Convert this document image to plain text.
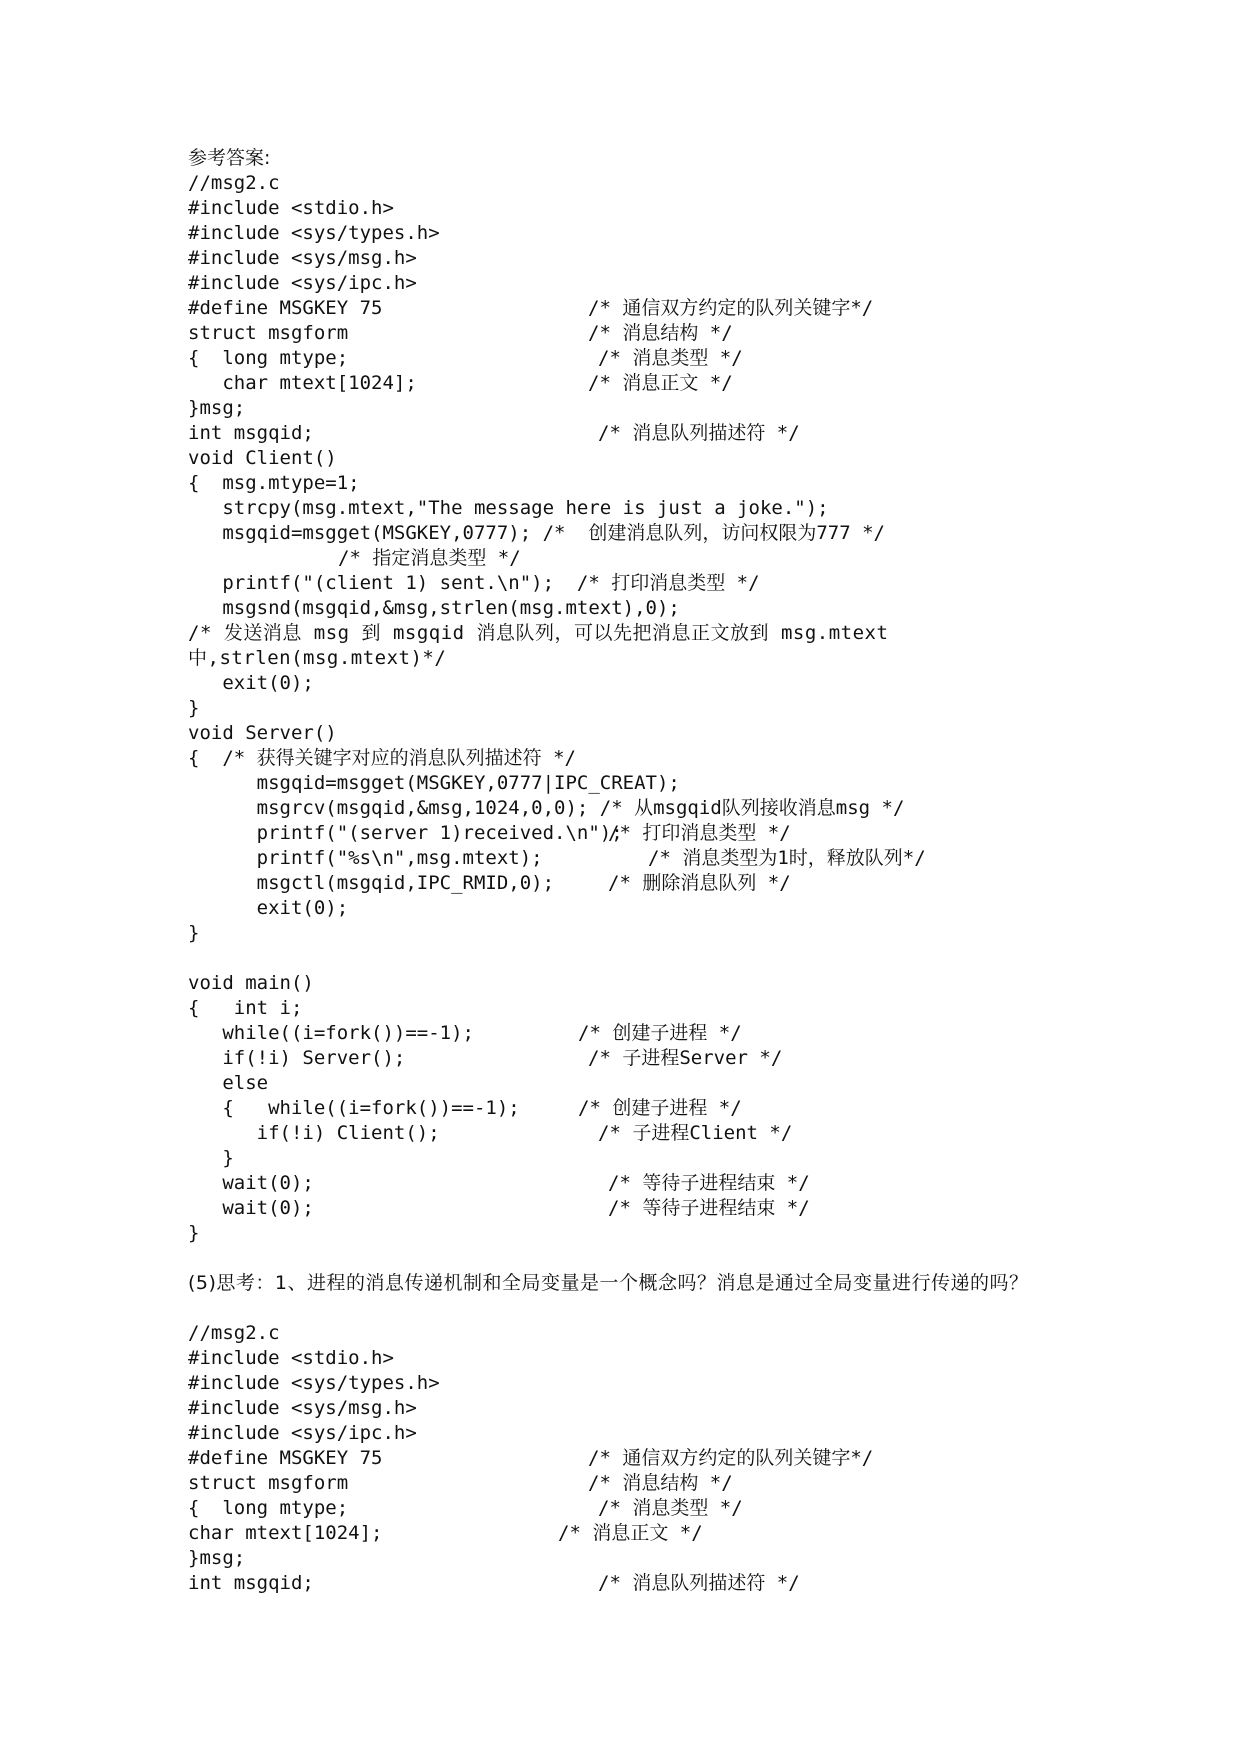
参考答案:
//msg2.c
#include <stdio.h>
#include <sys/types.h>
#include <sys/msg.h>
#include <sys/ipc.h>

#define MSGKEY 75

	/* 通信双方约定的队列关键字*/

struct msgform

	/* 消息结构 */

{  long mtype;

	/* 消息类型 */

char mtext[1024];

	/* 消息正文 */

}msg;

int msgqid;

	/* 消息队列描述符 */

void Client()
{  msg.mtype=1;
strcpy(msg.mtext,"The message here is just a joke.");
msgqid=msgget(MSGKEY,0777); /*  创建消息队列，访问权限为777 */

/* 指定消息类型 */

printf("(client 1) sent.\n");  /* 打印消息类型 */
msgsnd(msgqid,&msg,strlen(msg.mtext),0);
/* 发送消息 msg 到 msgqid 消息队列，可以先把消息正文放到 msg.mtext 中,strlen(msg.mtext)*/
exit(0);
}
void Server()
{  /* 获得关键字对应的消息队列描述符 */
msgqid=msgget(MSGKEY,0777|IPC_CREAT);
msgrcv(msgqid,&msg,1024,0,0); /* 从msgqid队列接收消息msg */

printf("(server 1)received.\n");

/* 打印消息类型 */

printf("%s\n",msg.mtext);

	/* 消息类型为1时，释放队列*/

msgctl(msgqid,IPC_RMID,0);

	/* 删除消息队列 */

exit(0);
}
void main()
{   int i;

while((i=fork())==-1);

	/* 创建子进程 */

if(!i) Server();

	/* 子进程Server */

else

{   while((i=fork())==-1);

	/* 创建子进程 */

if(!i) Client();

	/* 子进程Client */

}

wait(0);

	/* 等待子进程结束 */

wait(0);

	/* 等待子进程结束 */

}
(5)思考：1、进程的消息传递机制和全局变量是一个概念吗？消息是通过全局变量进行传递的吗？
//msg2.c
#include <stdio.h>
#include <sys/types.h>
#include <sys/msg.h>
#include <sys/ipc.h>

#define MSGKEY 75

	/* 通信双方约定的队列关键字*/

struct msgform

	/* 消息结构 */

{  long mtype;

	/* 消息类型 */

char mtext[1024];

	/* 消息正文 */

}msg;

int msgqid;

	/* 消息队列描述符 */
